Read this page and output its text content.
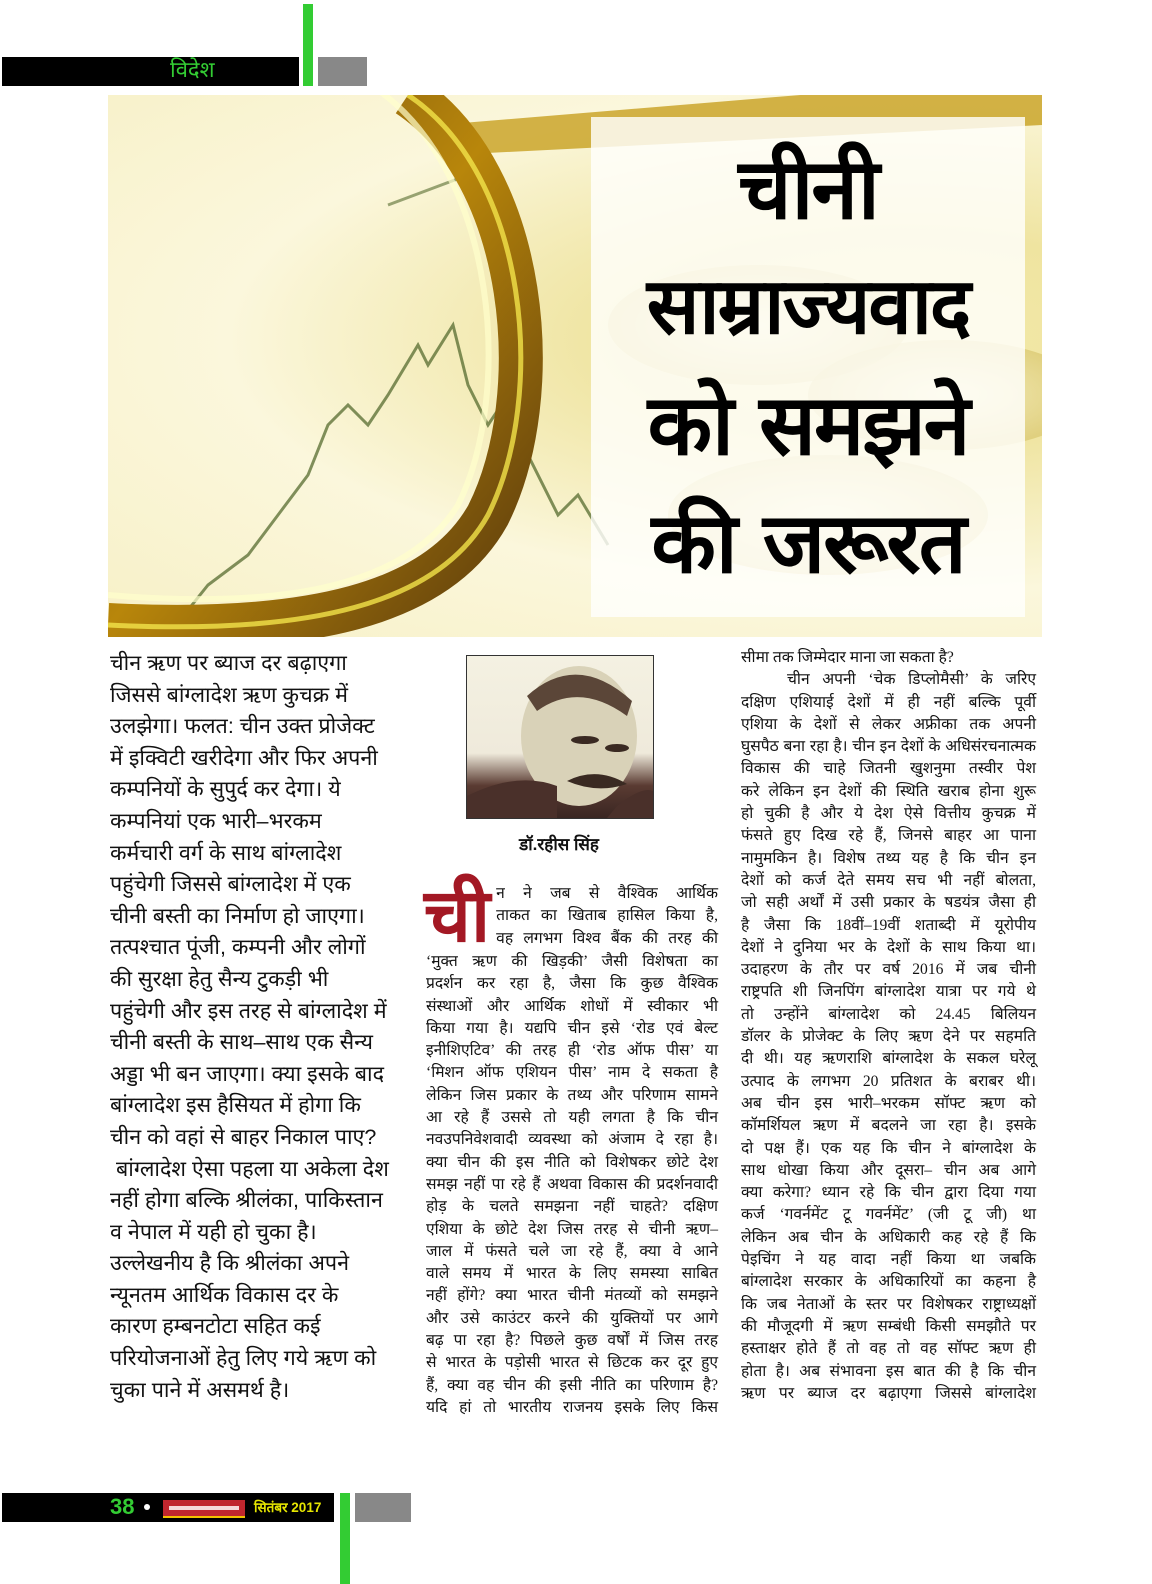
विदेश
चीनी
साम्राज्यवाद
को समझने
की जरूरत

चीन ऋण पर ब्याज दर बढ़ाएगा
जिससे बांग्लादेश ऋण कुचक्र में
उलझेगा। फलत: चीन उक्त प्रोजेक्ट
में इक्विटी खरीदेगा और फिर अपनी
कम्पनियों के सुपुर्द कर देगा। ये
कम्पनियां एक भारी–भरकम
कर्मचारी वर्ग के साथ बांग्लादेश
पहुंचेगी जिससे बांग्लादेश में एक
चीनी बस्ती का निर्माण हो जाएगा।
तत्पश्चात पूंजी, कम्पनी और लोगों
की सुरक्षा हेतु सैन्य टुकड़ी भी
पहुंचेगी और इस तरह से बांग्लादेश में
चीनी बस्ती के साथ–साथ एक सैन्य
अड्डा भी बन जाएगा। क्या इसके बाद
बांग्लादेश इस हैसियत में होगा कि
चीन को वहां से बाहर निकाल पाए?
बांग्लादेश ऐसा पहला या अकेला देश
नहीं होगा बल्कि श्रीलंका, पाकिस्तान
व नेपाल में यही हो चुका है।
उल्लेखनीय है कि श्रीलंका अपने
न्यूनतम आर्थिक विकास दर के
कारण हम्बनटोटा सहित कई
परियोजनाओं हेतु लिए गये ऋण को
चुका पाने में असमर्थ है।

डॉ.रहीस सिंह
ची न ने जब से वैश्विक आर्थिक
ताकत का खिताब हासिल किया है,
वह लगभग विश्व बैंक की तरह की
‘मुक्त ऋण की खिड़की’ जैसी विशेषता का
प्रदर्शन कर रहा है, जैसा कि कुछ वैश्विक
संस्थाओं और आर्थिक शोधों में स्वीकार भी
किया गया है। यद्यपि चीन इसे ‘रोड एवं बेल्ट
इनीशिएटिव’ की तरह ही ‘रोड ऑफ पीस’ या
‘मिशन ऑफ एशियन पीस’ नाम दे सकता है
लेकिन जिस प्रकार के तथ्य और परिणाम सामने
आ रहे हैं उससे तो यही लगता है कि चीन
नवउपनिवेशवादी व्यवस्था को अंजाम दे रहा है।
क्या चीन की इस नीति को विशेषकर छोटे देश
समझ नहीं पा रहे हैं अथवा विकास की प्रदर्शनवादी
होड़ के चलते समझना नहीं चाहते? दक्षिण
एशिया के छोटे देश जिस तरह से चीनी ऋण–
जाल में फंसते चले जा रहे हैं, क्या वे आने
वाले समय में भारत के लिए समस्या साबित
नहीं होंगे? क्या भारत चीनी मंतव्यों को समझने
और उसे काउंटर करने की युक्तियों पर आगे
बढ़ पा रहा है? पिछले कुछ वर्षों में जिस तरह
से भारत के पड़ोसी भारत से छिटक कर दूर हुए
हैं, क्या वह चीन की इसी नीति का परिणाम है?
यदि हां तो भारतीय राजनय इसके लिए किस
सीमा तक जिम्मेदार माना जा सकता है?
चीन अपनी ‘चेक डिप्लोमैसी’ के जरिए
दक्षिण एशियाई देशों में ही नहीं बल्कि पूर्वी
एशिया के देशों से लेकर अफ्रीका तक अपनी
घुसपैठ बना रहा है। चीन इन देशों के अधिसंरचनात्मक
विकास की चाहे जितनी खुशनुमा तस्वीर पेश
करे लेकिन इन देशों की स्थिति खराब होना शुरू
हो चुकी है और ये देश ऐसे वित्तीय कुचक्र में
फंसते हुए दिख रहे हैं, जिनसे बाहर आ पाना
नामुमकिन है। विशेष तथ्य यह है कि चीन इन
देशों को कर्ज देते समय सच भी नहीं बोलता,
जो सही अर्थों में उसी प्रकार के षडयंत्र जैसा ही
है जैसा कि 18वीं–19वीं शताब्दी में यूरोपीय
देशों ने दुनिया भर के देशों के साथ किया था।
उदाहरण के तौर पर वर्ष 2016 में जब चीनी
राष्ट्रपति शी जिनपिंग बांग्लादेश यात्रा पर गये थे
तो उन्होंने बांग्लादेश को 24.45 बिलियन
डॉलर के प्रोजेक्ट के लिए ऋण देने पर सहमति
दी थी। यह ऋणराशि बांग्लादेश के सकल घरेलू
उत्पाद के लगभग 20 प्रतिशत के बराबर थी।
अब चीन इस भारी–भरकम सॉफ्ट ऋण को
कॉमर्शियल ऋण में बदलने जा रहा है। इसके
दो पक्ष हैं। एक यह कि चीन ने बांग्लादेश के
साथ धोखा किया और दूसरा– चीन अब आगे
क्या करेगा? ध्यान रहे कि चीन द्वारा दिया गया
कर्ज ‘गवर्नमेंट टू गवर्नमेंट’ (जी टू जी) था
लेकिन अब चीन के अधिकारी कह रहे हैं कि
पेइचिंग ने यह वादा नहीं किया था जबकि
बांग्लादेश सरकार के अधिकारियों का कहना है
कि जब नेताओं के स्तर पर विशेषकर राष्ट्राध्यक्षों
की मौजूदगी में ऋण सम्बंधी किसी समझौते पर
हस्ताक्षर होते हैं तो वह तो वह सॉफ्ट ऋण ही
होता है। अब संभावना इस बात की है कि चीन
ऋण पर ब्याज दर बढ़ाएगा जिससे बांग्लादेश
38	सितंबर 2017
